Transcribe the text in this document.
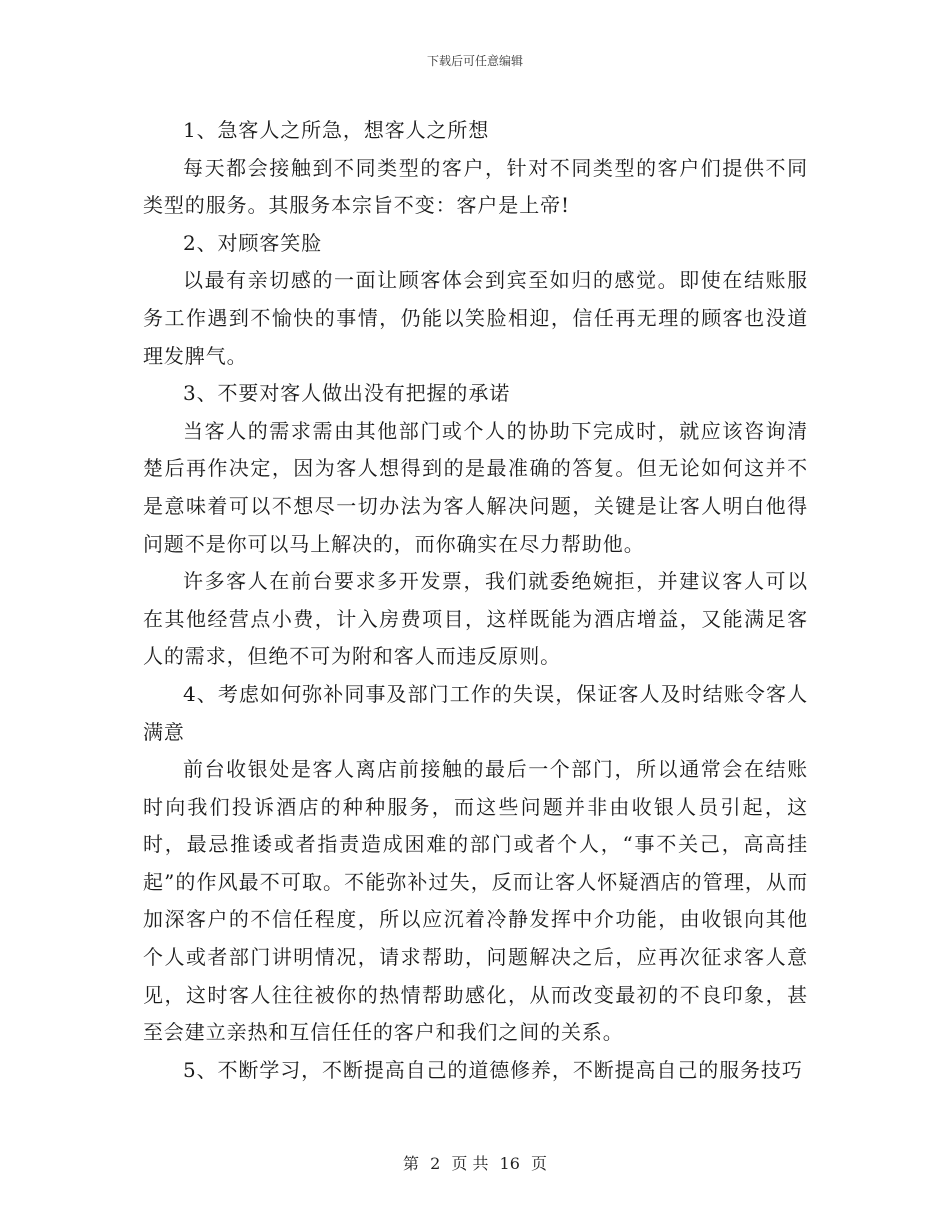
下载后可任意编辑

1、急客人之所急，想客人之所想

每天都会接触到不同类型的客户，针对不同类型的客户们提供不同类型的服务。其服务本宗旨不变：客户是上帝!

2、对顾客笑脸

以最有亲切感的一面让顾客体会到宾至如归的感觉。即使在结账服务工作遇到不愉快的事情，仍能以笑脸相迎，信任再无理的顾客也没道理发脾气。

3、不要对客人做出没有把握的承诺

当客人的需求需由其他部门或个人的协助下完成时，就应该咨询清楚后再作决定，因为客人想得到的是最准确的答复。但无论如何这并不是意味着可以不想尽一切办法为客人解决问题，关键是让客人明白他得问题不是你可以马上解决的，而你确实在尽力帮助他。

许多客人在前台要求多开发票，我们就委绝婉拒，并建议客人可以在其他经营点小费，计入房费项目，这样既能为酒店增益，又能满足客人的需求，但绝不可为附和客人而违反原则。

4、考虑如何弥补同事及部门工作的失误，保证客人及时结账令客人满意

前台收银处是客人离店前接触的最后一个部门，所以通常会在结账时向我们投诉酒店的种种服务，而这些问题并非由收银人员引起，这时，最忌推诿或者指责造成困难的部门或者个人，“事不关己，高高挂起”的作风最不可取。不能弥补过失，反而让客人怀疑酒店的管理，从而加深客户的不信任程度，所以应沉着冷静发挥中介功能，由收银向其他个人或者部门讲明情况，请求帮助，问题解决之后，应再次征求客人意见，这时客人往往被你的热情帮助感化，从而改变最初的不良印象，甚至会建立亲热和互信任任的客户和我们之间的关系。

5、不断学习，不断提高自己的道德修养，不断提高自己的服务技巧

第 2 页 共 16 页
